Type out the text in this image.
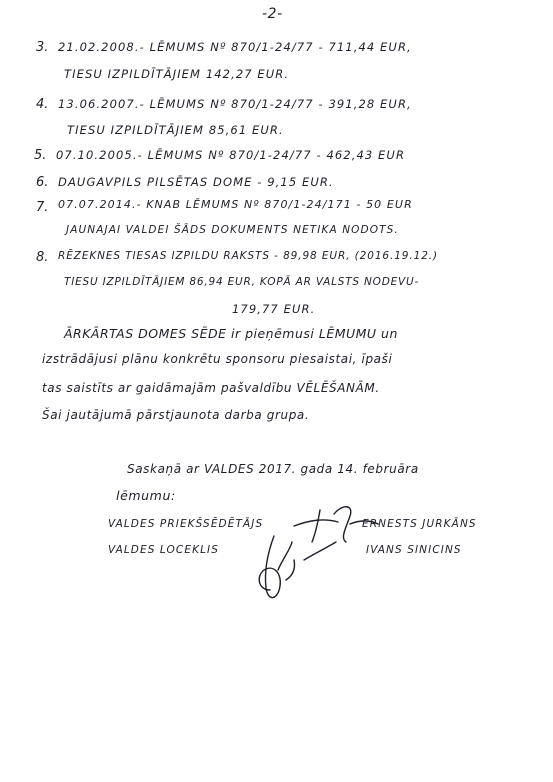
-2-
3. 21.02.2008.- LĒMUMS Nº 870/1-24/77 - 711,44 EUR,
TIESU IZPILDĪTĀJIEM 142,27 EUR.
4. 13.06.2007.- LĒMUMS Nº 870/1-24/77 - 391,28 EUR,
TIESU IZPILDĪTĀJIEM 85,61 EUR.
5. 07.10.2005.- LĒMUMS Nº 870/1-24/77 - 462,43 EUR
6. DAUGAVPILS PILSĒTAS DOME - 9,15 EUR.
7. 07.07.2014.- KNAB LĒMUMS Nº 870/1-24/171 - 50 EUR
JAUNAJAI VALDEI ŠĀDS DOKUMENTS NETIKA NODOTS.
8. RĒZEKNES TIESAS IZPILDU RAKSTS - 89,98 EUR, (2016.19.12.)
TIESU IZPILDĪTĀJIEM 86,94 EUR, KOPĀ AR VALSTS NODEVU-
179,77 EUR.
ĀRKĀRTAS DOMES SĒDE ir pieņēmusi LĒMUMU un
izstrādājusi plānu konkrētu sponsoru piesaistai, īpaši
tas saistīts ar gaidāmajām pašvaldību VĒLĒŠANĀM.
Šai jautājumā pārstjaunota darba grupa.
Saskaņā ar VALDES 2017. gada 14. februāra
lēmumu:
VALDES PRIEKŠSĒDĒTĀJS	ERNESTS JURKĀNS
VALDES LOCEKLIS	IVANS SINICINS
